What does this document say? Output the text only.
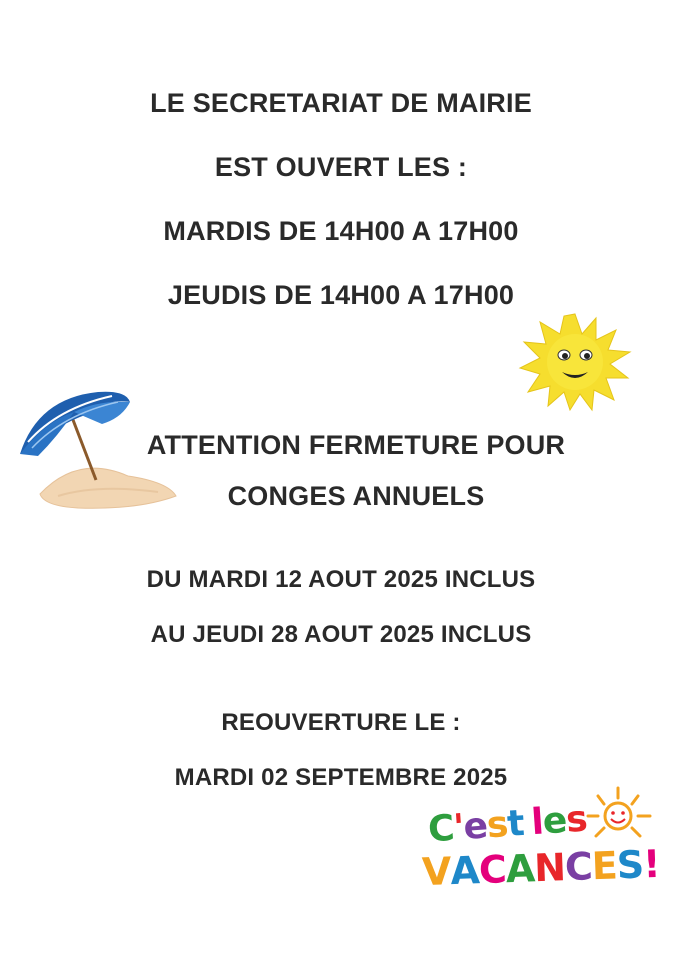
LE SECRETARIAT DE MAIRIE
EST OUVERT LES :
MARDIS DE 14H00 A 17H00
JEUDIS DE 14H00 A 17H00
ATTENTION FERMETURE POUR
CONGES ANNUELS
DU MARDI 12 AOUT 2025 INCLUS
AU JEUDI 28 AOUT 2025 INCLUS
REOUVERTURE LE :
MARDI 02 SEPTEMBRE 2025
C'est les
VACANCES!
